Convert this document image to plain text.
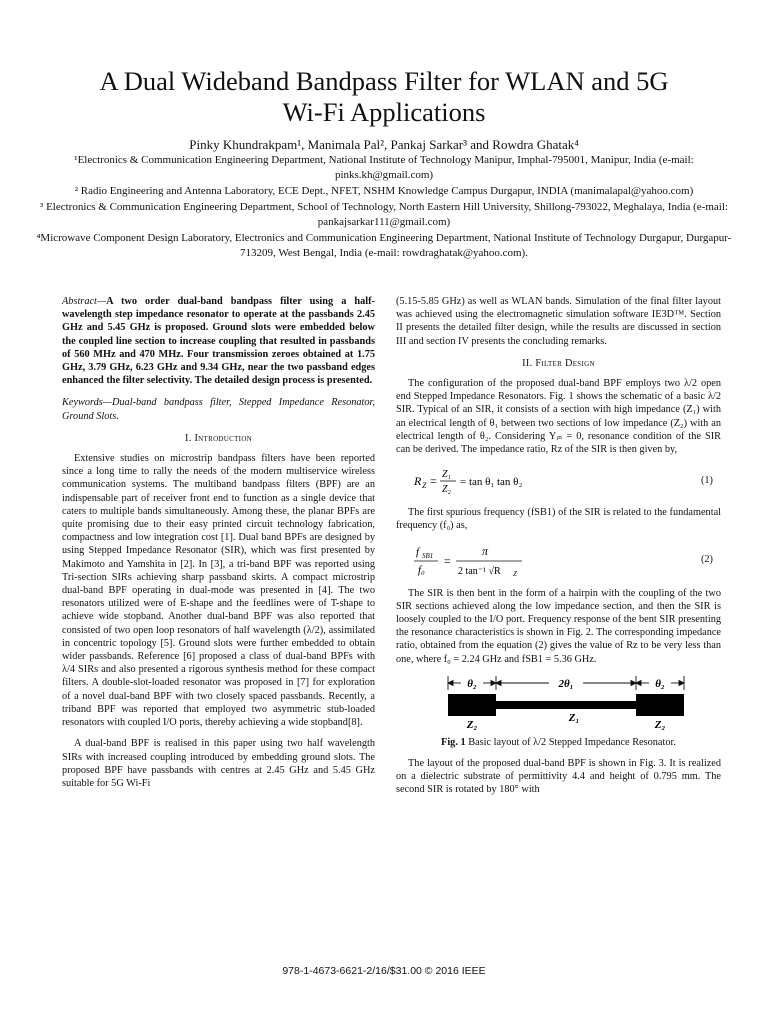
A Dual Wideband Bandpass Filter for WLAN and 5G
Wi-Fi Applications

Pinky Khundrakpam¹, Manimala Pal², Pankaj Sarkar³ and Rowdra Ghatak⁴

¹Electronics & Communication Engineering Department, National Institute of Technology Manipur, Imphal-795001, Manipur, India (e-mail: pinks.kh@gmail.com)

² Radio Engineering and Antenna Laboratory, ECE Dept., NFET, NSHM Knowledge Campus Durgapur, INDIA (manimalapal@yahoo.com)

³ Electronics & Communication Engineering Department, School of Technology, North Eastern Hill University, Shillong-793022, Meghalaya, India (e-mail: pankajsarkar111@gmail.com)

⁴Microwave Component Design Laboratory, Electronics and Communication Engineering Department, National Institute of Technology Durgapur, Durgapur-713209, West Bengal, India (e-mail: rowdraghatak@yahoo.com).

Abstract—A two order dual-band bandpass filter using a half-wavelength step impedance resonator to operate at the passbands 2.45 GHz and 5.45 GHz is proposed. Ground slots were embedded below the coupled line section to increase coupling that resulted in passbands of 560 MHz and 470 MHz. Four transmission zeroes obtained at 1.75 GHz, 3.79 GHz, 6.23 GHz and 9.34 GHz, near the two passband edges enhanced the filter selectivity. The detailed design process is presented.

Keywords—Dual-band bandpass filter, Stepped Impedance Resonator, Ground Slots.

I. Introduction

Extensive studies on microstrip bandpass filters have been reported since a long time to rally the needs of the modern multiservice wireless communication systems. The multiband bandpass filters (BPF) are an indispensable part of receiver front end to function as a single device that caters to multiple bands simultaneously. Among these, the planar BPFs are quite promising due to their easy printed circuit technology fabrication, compactness and low integration cost [1]. Dual band BPFs are designed by using Stepped Impedance Resonator (SIR), which was first presented by Makimoto and Yamshita in [2]. In [3], a tri-band BPF was reported using Tri-section SIRs achieving sharp passband skirts. A compact microstrip dual-band BPF operating in dual-mode was presented in [4]. The two resonators utilized were of E-shape and the feedlines were of T-shape to achieve wide stopband. Another dual-band BPF was also reported that consisted of two open loop resonators of half wavelength (λ/2), assimilated in concentric topology [5]. Ground slots were further embedded to obtain wider passbands. Reference [6] proposed a class of dual-band BPFs with λ/4 SIRs and also presented a rigorous synthesis method for these compact filters. A double-slot-loaded resonator was proposed in [7] for exploration of a novel dual-band BPF with two closely spaced passbands. Recently, a triband BPF was reported that employed two asymmetric stub-loaded resonators with coupled I/O ports, thereby achieving a wide stopband[8].

A dual-band BPF is realised in this paper using two half wavelength SIRs with increased coupling introduced by embedding ground slots. The proposed BPF have passbands with centres at 2.45 GHz and 5.45 GHz suitable for 5G Wi-Fi

(5.15-5.85 GHz) as well as WLAN bands. Simulation of the final filter layout was achieved using the electromagnetic simulation software IE3D™. Section II presents the detailed filter design, while the results are discussed in section III and section IV presents the concluding remarks.

II. Filter Design

The configuration of the proposed dual-band BPF employs two λ/2 open end Stepped Impedance Resonators. Fig. 1 shows the schematic of a basic λ/2 SIR. Typical of an SIR, it consists of a section with high impedance (Z₁) with an electrical length of θ₁ between two sections of low impedance (Z₂) with an electrical length of θ₂. Considering Yᵢₙ = 0, resonance condition of the SIR can be derived. The impedance ratio, Rz of the SIR is then given by,

R Z = Z₁
Z₂
= tan θ₁ tan θ₂	(1)

The first spurious frequency (fSB1) of the SIR is related to the fundamental frequency (f₀) as,

f SB1
f₀
=
π
2 tan⁻¹ √R Z
(2)

The SIR is then bent in the form of a hairpin with the coupling of the two SIR sections achieved along the low impedance section, and then the SIR is loosely coupled to the I/O port. Frequency response of the bent SIR presenting the resonance characteristics is shown in Fig. 2. The corresponding impedance ratio, obtained from the equation (2) gives the value of Rz to be very less than one, where f₀ = 2.24 GHz and fSB1 = 5.36 GHz.

θ₂	2θ₁	θ₂
Z₂
Z₁
Z₂

Fig. 1 Basic layout of λ/2 Stepped Impedance Resonator.

The layout of the proposed dual-band BPF is shown in Fig. 3. It is realized on a dielectric substrate of permittivity 4.4 and height of 0.795 mm. The second SIR is rotated by 180° with

978-1-4673-6621-2/16/$31.00 © 2016 IEEE
